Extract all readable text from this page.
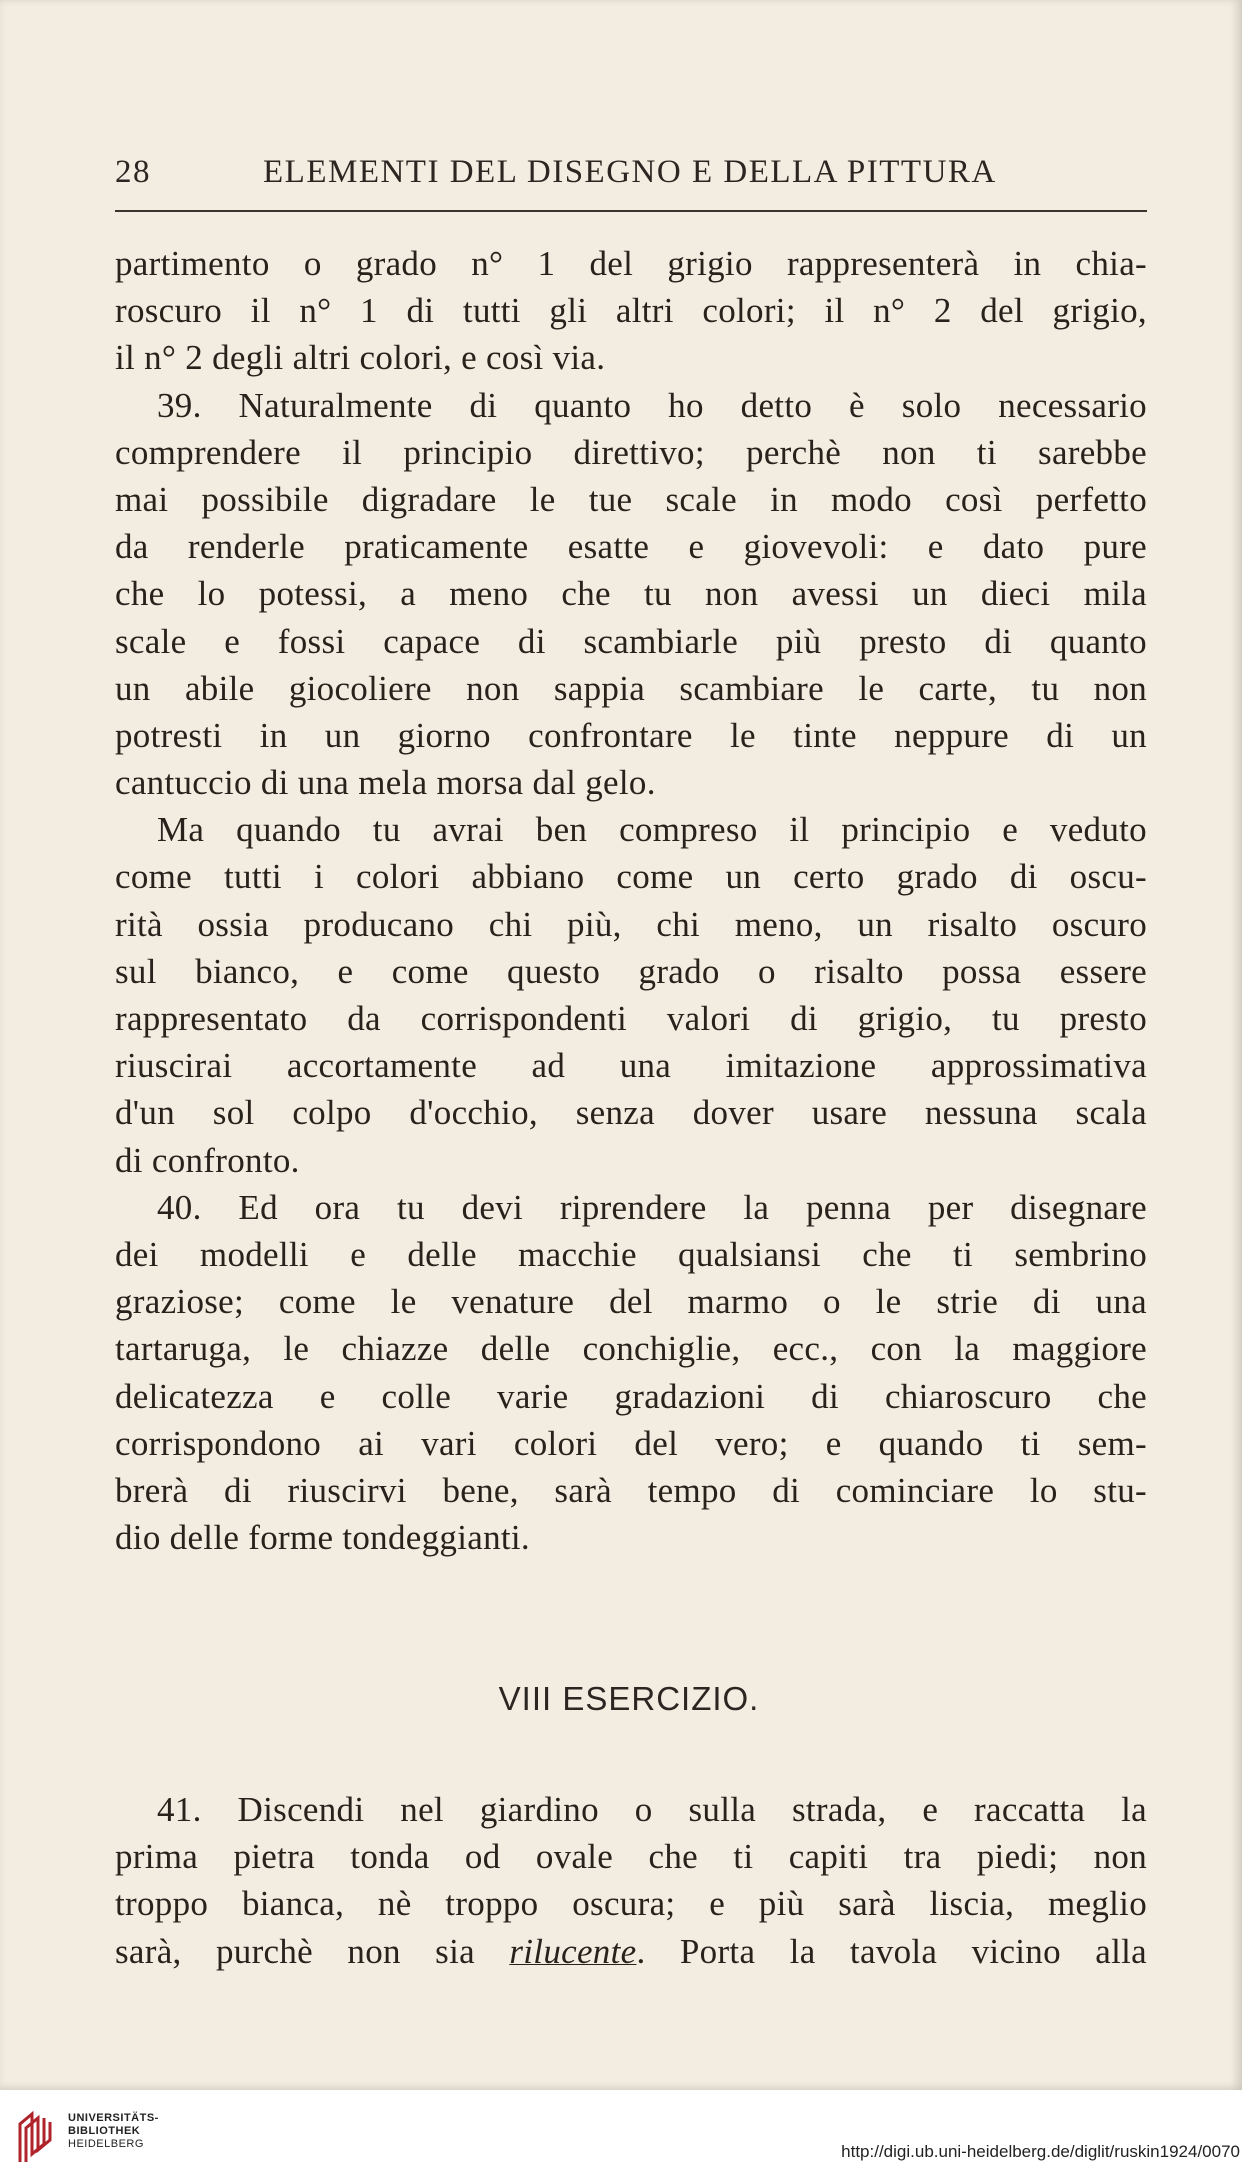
28	ELEMENTI DEL DISEGNO E DELLA PITTURA
partimento o grado n° 1 del grigio rappresenterà in chia-
roscuro il n° 1 di tutti gli altri colori; il n° 2 del grigio,
il n° 2 degli altri colori, e così via.
39. Naturalmente di quanto ho detto è solo necessario
comprendere il principio direttivo; perchè non ti sarebbe
mai possibile digradare le tue scale in modo così perfetto
da renderle praticamente esatte e giovevoli: e dato pure
che lo potessi, a meno che tu non avessi un dieci mila
scale e fossi capace di scambiarle più presto di quanto
un abile giocoliere non sappia scambiare le carte, tu non
potresti in un giorno confrontare le tinte neppure di un
cantuccio di una mela morsa dal gelo.
Ma quando tu avrai ben compreso il principio e veduto
come tutti i colori abbiano come un certo grado di oscu-
rità ossia producano chi più, chi meno, un risalto oscuro
sul bianco, e come questo grado o risalto possa essere
rappresentato da corrispondenti valori di grigio, tu presto
riuscirai accortamente ad una imitazione approssimativa
d'un sol colpo d'occhio, senza dover usare nessuna scala
di confronto.
40. Ed ora tu devi riprendere la penna per disegnare
dei modelli e delle macchie qualsiansi che ti sembrino
graziose; come le venature del marmo o le strie di una
tartaruga, le chiazze delle conchiglie, ecc., con la maggiore
delicatezza e colle varie gradazioni di chiaroscuro che
corrispondono ai vari colori del vero; e quando ti sem-
brerà di riuscirvi bene, sarà tempo di cominciare lo stu-
dio delle forme tondeggianti.
VIII ESERCIZIO.
41. Discendi nel giardino o sulla strada, e raccatta la
prima pietra tonda od ovale che ti capiti tra piedi; non
troppo bianca, nè troppo oscura; e più sarà liscia, meglio
sarà, purchè non sia rilucente. Porta la tavola vicino alla
UNIVERSITÄTS-
BIBLIOTHEK
HEIDELBERG	http://digi.ub.uni-heidelberg.de/diglit/ruskin1924/0070
